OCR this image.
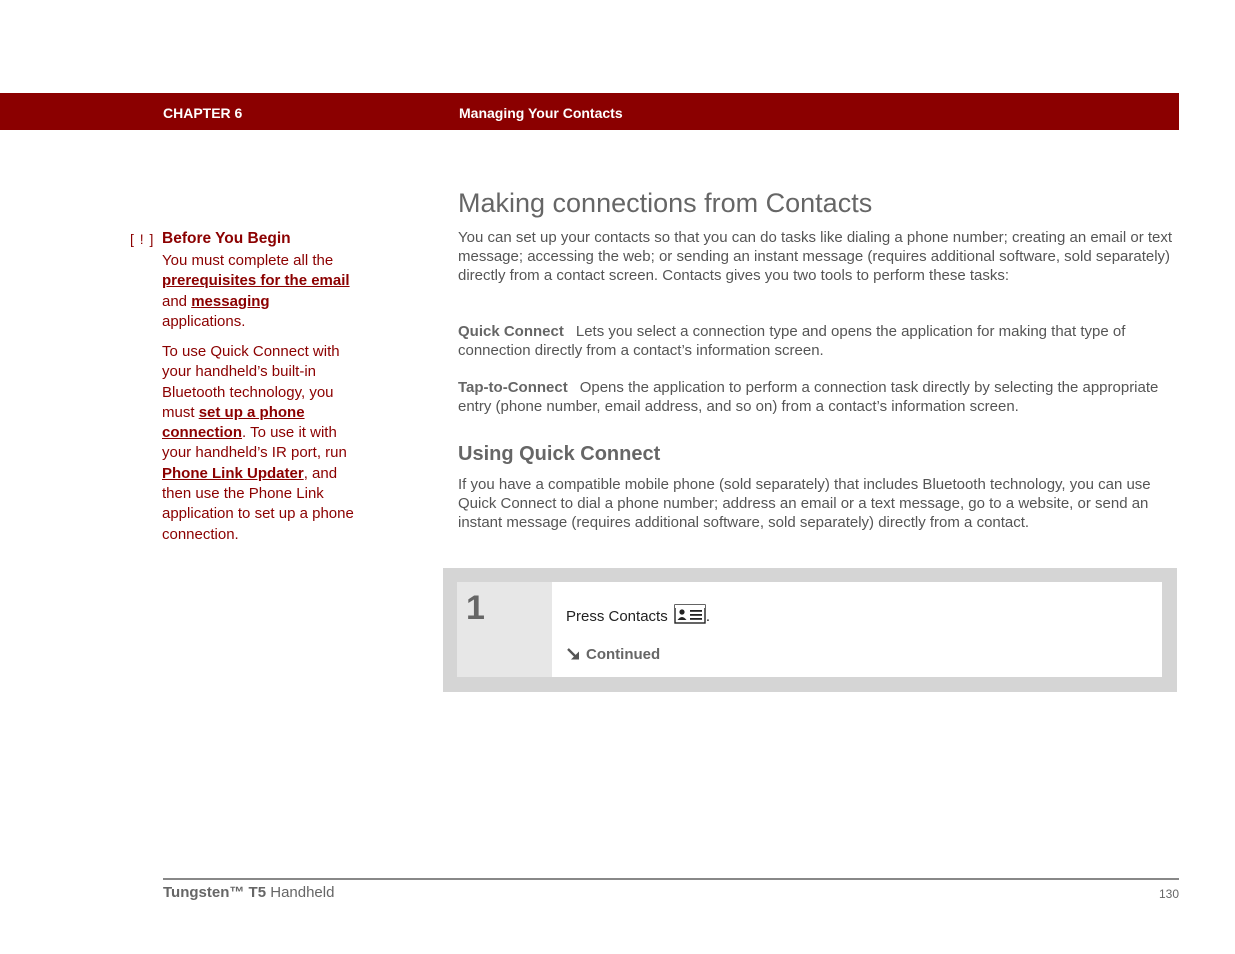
CHAPTER 6	Managing Your Contacts
[ ! ] Before You Begin
You must complete all the prerequisites for the email and messaging applications.
To use Quick Connect with your handheld’s built-in Bluetooth technology, you must set up a phone connection. To use it with your handheld’s IR port, run Phone Link Updater, and then use the Phone Link application to set up a phone connection.
Making connections from Contacts
You can set up your contacts so that you can do tasks like dialing a phone number; creating an email or text message; accessing the web; or sending an instant message (requires additional software, sold separately) directly from a contact screen. Contacts gives you two tools to perform these tasks:
Quick Connect Lets you select a connection type and opens the application for making that type of connection directly from a contact’s information screen.
Tap-to-Connect Opens the application to perform a connection task directly by selecting the appropriate entry (phone number, email address, and so on) from a contact’s information screen.
Using Quick Connect
If you have a compatible mobile phone (sold separately) that includes Bluetooth technology, you can use Quick Connect to dial a phone number; address an email or a text message, go to a website, or send an instant message (requires additional software, sold separately) directly from a contact.
1	Press Contacts	.
Continued
Tungsten™ T5 Handheld	130
